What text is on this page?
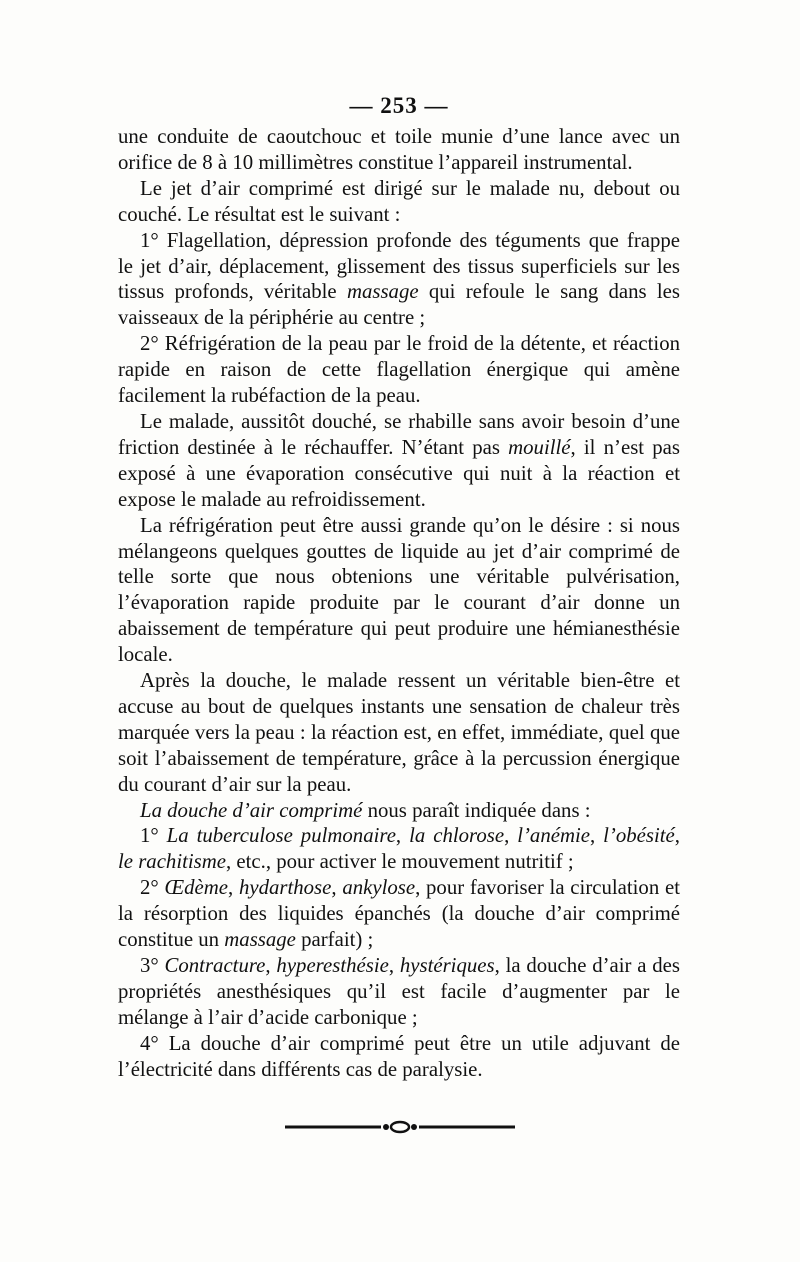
— 253 —

une conduite de caoutchouc et toile munie d’une lance avec un orifice de 8 à 10 millimètres constitue l’appareil instrumental.

Le jet d’air comprimé est dirigé sur le malade nu, debout ou couché. Le résultat est le suivant :

1° Flagellation, dépression profonde des téguments que frappe le jet d’air, déplacement, glissement des tissus superficiels sur les tissus profonds, véritable massage qui refoule le sang dans les vaisseaux de la périphérie au centre ;

2° Réfrigération de la peau par le froid de la détente, et réaction rapide en raison de cette flagellation énergique qui amène facilement la rubéfaction de la peau.

Le malade, aussitôt douché, se rhabille sans avoir besoin d’une friction destinée à le réchauffer. N’étant pas mouillé, il n’est pas exposé à une évaporation consécutive qui nuit à la réaction et expose le malade au refroidissement.

La réfrigération peut être aussi grande qu’on le désire : si nous mélangeons quelques gouttes de liquide au jet d’air comprimé de telle sorte que nous obtenions une véritable pulvérisation, l’évaporation rapide produite par le courant d’air donne un abaissement de température qui peut produire une hémianesthésie locale.

Après la douche, le malade ressent un véritable bien-être et accuse au bout de quelques instants une sensation de chaleur très marquée vers la peau : la réaction est, en effet, immédiate, quel que soit l’abaissement de température, grâce à la percussion énergique du courant d’air sur la peau.

La douche d’air comprimé nous paraît indiquée dans :

1° La tuberculose pulmonaire, la chlorose, l’anémie, l’obésité, le rachitisme, etc., pour activer le mouvement nutritif ;

2° Œdème, hydarthose, ankylose, pour favoriser la circulation et la résorption des liquides épanchés (la douche d’air comprimé constitue un massage parfait) ;

3° Contracture, hyperesthésie, hystériques, la douche d’air a des propriétés anesthésiques qu’il est facile d’augmenter par le mélange à l’air d’acide carbonique ;

4° La douche d’air comprimé peut être un utile adjuvant de l’électricité dans différents cas de paralysie.
